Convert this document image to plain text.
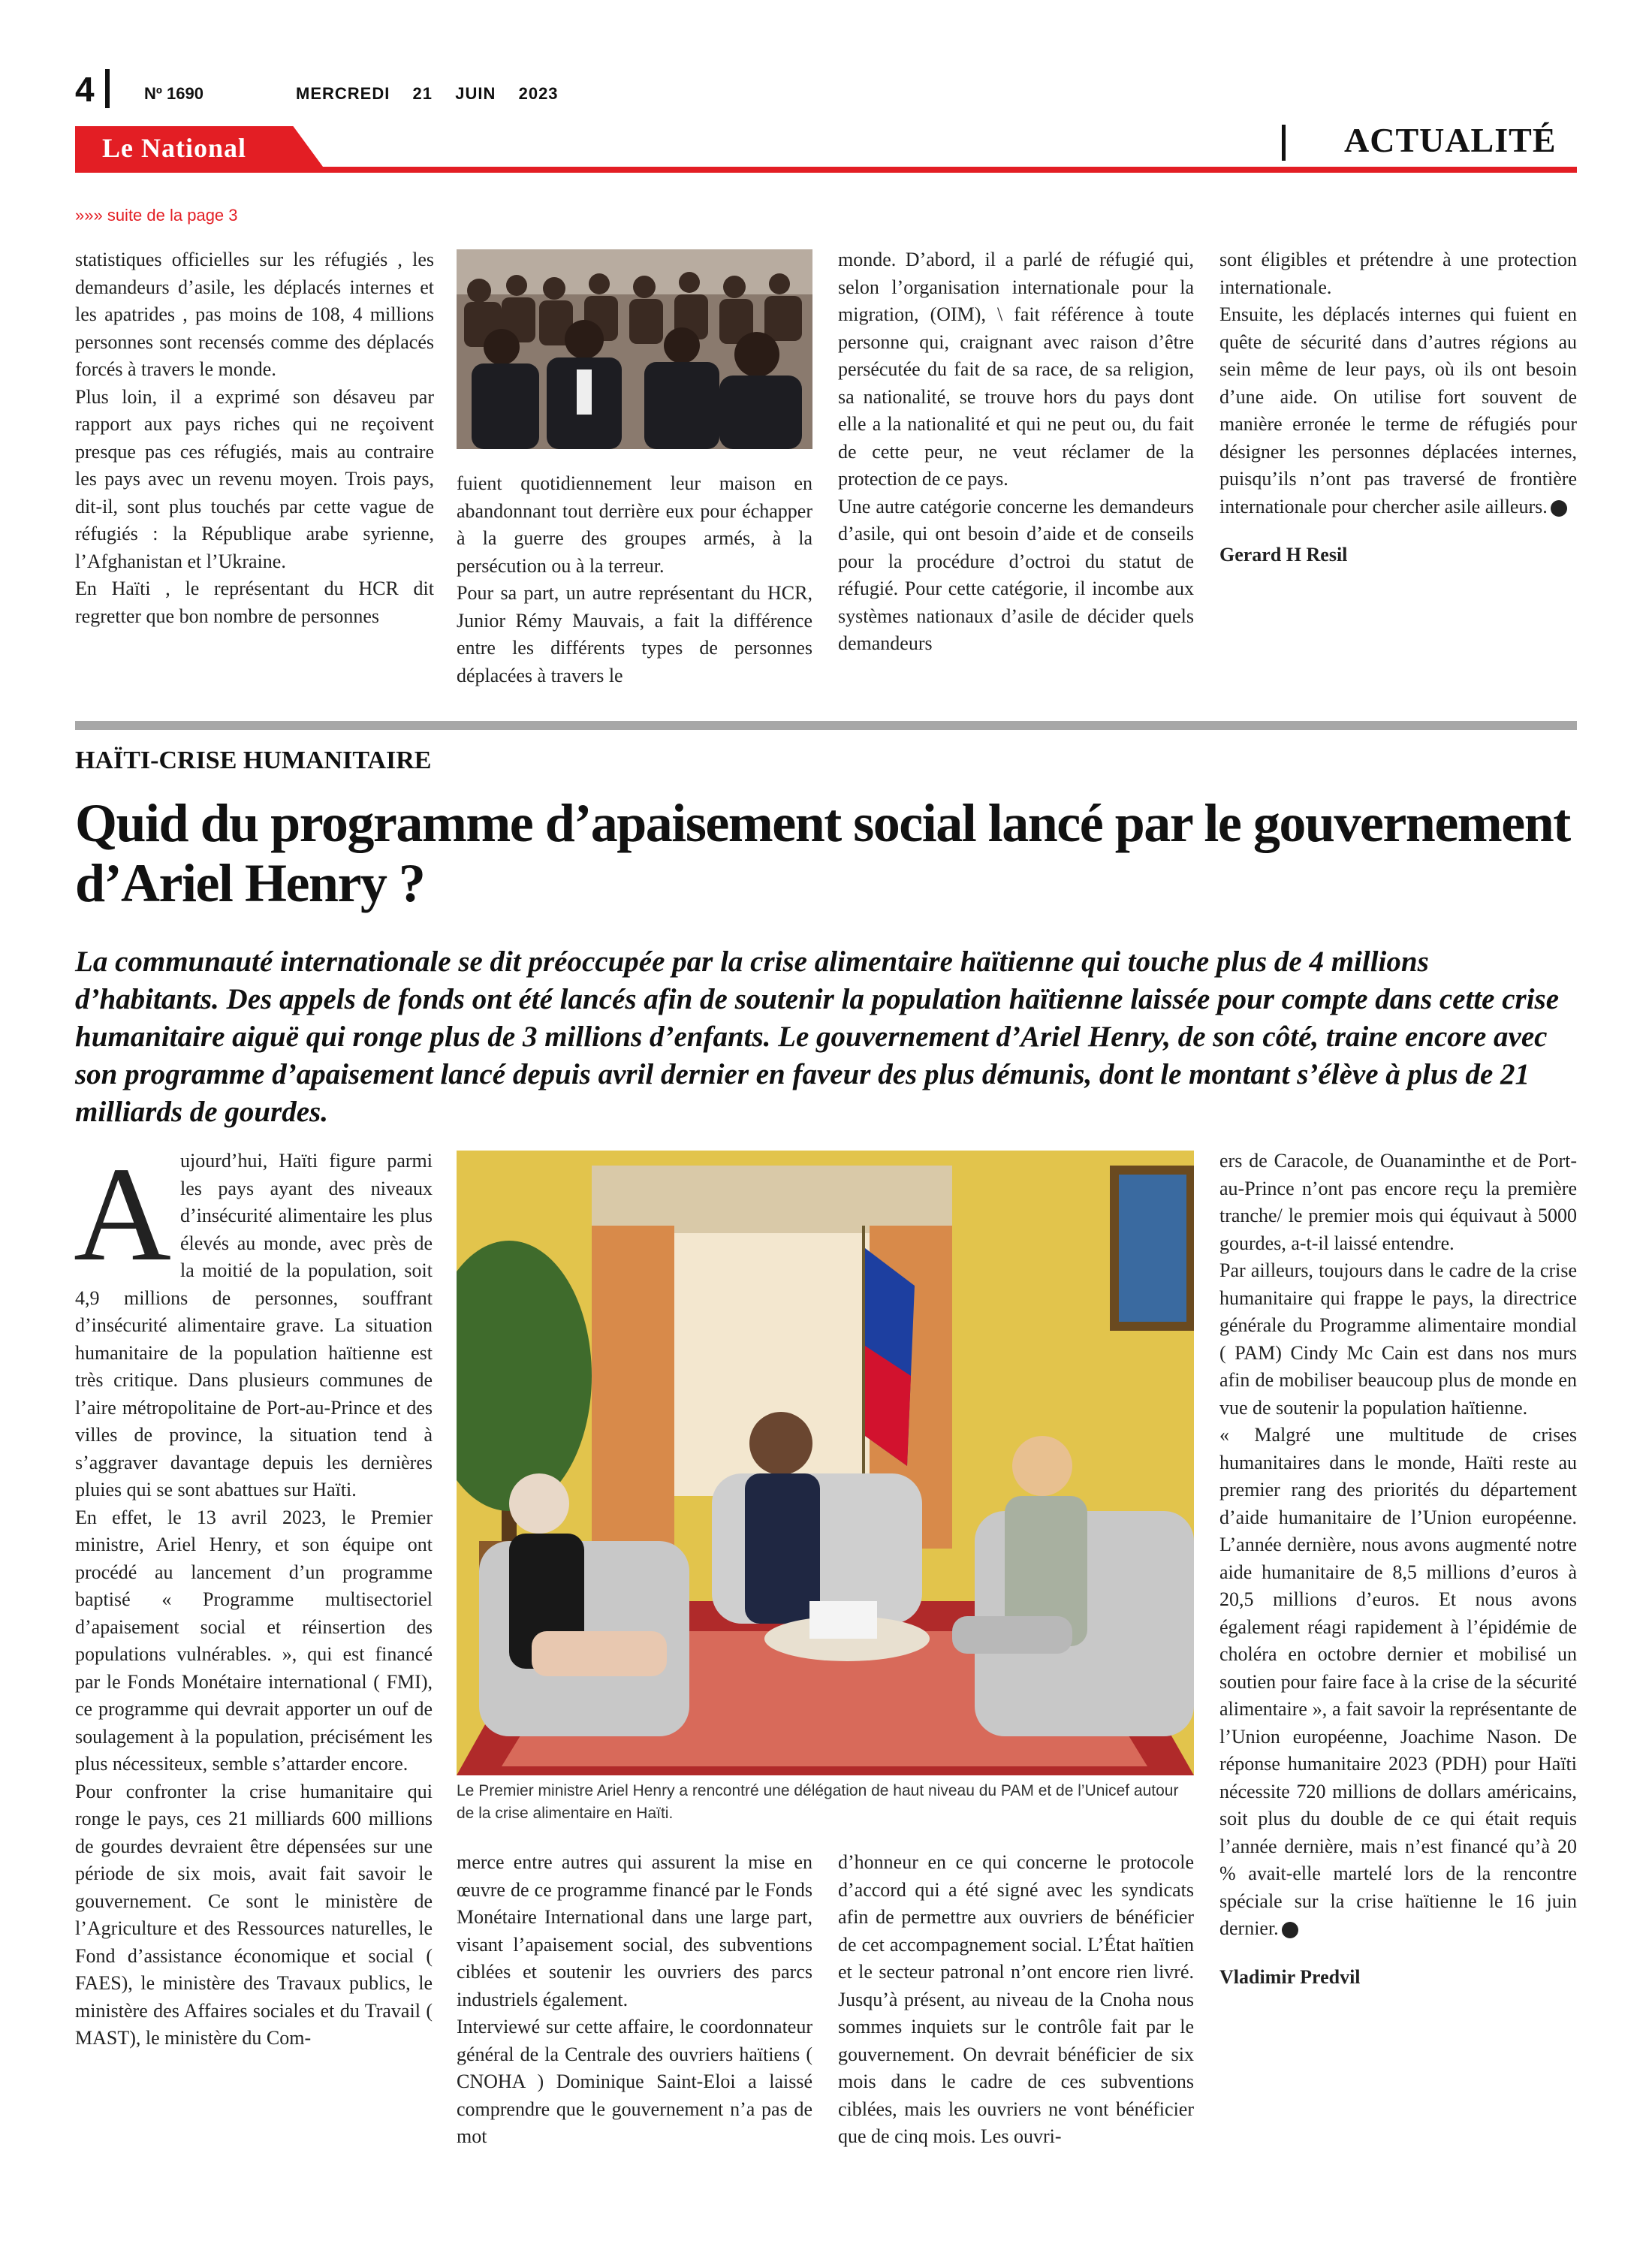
4	Nº 1690	MERCREDI  21  JUIN  2023
Le National	ACTUALITÉ
»»» suite de la page 3

statistiques officielles sur les réfugiés , les demandeurs d’asile, les déplacés internes et les apatrides , pas moins de 108, 4 millions personnes sont recensés comme des déplacés forcés à travers le monde.

Plus loin, il a exprimé son désaveu par rapport aux pays riches qui ne reçoivent presque pas ces réfugiés, mais au contraire les pays avec un revenu moyen. Trois pays, dit-il, sont plus touchés par cette vague de réfugiés : la République arabe syrienne, l’Afghanistan et l’Ukraine.

En Haïti , le représentant du HCR dit regretter que bon nombre de personnes

fuient quotidiennement leur maison en abandonnant tout derrière eux pour échapper à la guerre des groupes armés, à la persécution ou à la terreur.

Pour sa part, un autre représentant du HCR, Junior Rémy Mauvais, a fait la différence entre les différents types de personnes déplacées à travers le

monde. D’abord, il a parlé de réfugié qui, selon l’organisation internationale pour la migration, (OIM), \ fait référence à toute personne qui, craignant avec raison d’être persécutée du fait de sa race, de sa religion, sa nationalité, se trouve hors du pays dont elle a la nationalité et qui ne peut ou, du fait de cette peur, ne veut réclamer de la protection de ce pays.

Une autre catégorie concerne les demandeurs d’asile, qui ont besoin d’aide et de conseils pour la procédure d’octroi du statut de réfugié. Pour cette catégorie, il incombe aux systèmes nationaux d’asile de décider quels demandeurs

sont éligibles et prétendre à une protection internationale.

Ensuite, les déplacés internes qui fuient en quête de sécurité dans d’autres régions au sein même de leur pays, où ils ont besoin d’une aide. On utilise fort souvent de manière erronée le terme de réfugiés pour désigner les personnes déplacées internes, puisqu’ils n’ont pas traversé de frontière internationale pour chercher asile ailleurs.

Gerard H Resil

HAÏTI-CRISE HUMANITAIRE
Quid du programme d’apaisement social lancé par le gouvernement d’Ariel Henry ?

La communauté internationale se dit préoccupée par la crise alimentaire haïtienne qui touche plus de 4 millions d’habitants. Des appels de fonds ont été lancés afin de soutenir la population haïtienne laissée pour compte dans cette crise humanitaire aiguë qui ronge plus de 3 millions d’enfants. Le gouvernement d’Ariel Henry, de son côté, traine encore avec son programme d’apaisement lancé depuis avril dernier en faveur des plus démunis, dont le montant s’élève à plus de 21 milliards de gourdes.

Aujourd’hui, Haïti figure parmi les pays ayant des niveaux d’insécurité alimentaire les plus élevés au monde, avec près de la moitié de la population, soit 4,9 millions de personnes, souffrant d’insécurité alimentaire grave. La situation humanitaire de la population haïtienne est très critique. Dans plusieurs communes de l’aire métropolitaine de Port-au-Prince et des villes de province, la situation tend à s’aggraver davantage depuis les dernières pluies qui se sont abattues sur Haïti.

En effet, le 13 avril 2023, le Premier ministre, Ariel Henry, et son équipe ont procédé au lancement d’un programme baptisé « Programme multisectoriel d’apaisement social et réinsertion des populations vulnérables. », qui est financé par le Fonds Monétaire international ( FMI), ce programme qui devrait apporter un ouf de soulagement à la population, précisément les plus nécessiteux, semble s’attarder encore.

Pour confronter la crise humanitaire qui ronge le pays, ces 21 milliards 600 millions de gourdes devraient être dépensées sur une période de six mois, avait fait savoir le gouvernement. Ce sont le ministère de l’Agriculture et des Ressources naturelles, le Fond d’assistance économique et social ( FAES), le ministère des Travaux publics, le ministère des Affaires sociales et du Travail ( MAST), le ministère du Com-

Le Premier ministre Ariel Henry a rencontré une délégation de haut niveau du PAM et de l’Unicef autour de la crise alimentaire en Haïti.

merce entre autres qui assurent la mise en œuvre de ce programme financé par le Fonds Monétaire International dans une large part, visant l’apaisement social, des subventions ciblées et soutenir les ouvriers des parcs industriels également.

Interviewé sur cette affaire, le coordonnateur général de la Centrale des ouvriers haïtiens ( CNOHA ) Dominique Saint-Eloi a laissé comprendre que le gouvernement n’a pas de mot

d’honneur en ce qui concerne le protocole d’accord qui a été signé avec les syndicats afin de permettre aux ouvriers de bénéficier de cet accompagnement social. L’État haïtien et le secteur patronal n’ont encore rien livré. Jusqu’à présent, au niveau de la Cnoha nous sommes inquiets sur le contrôle fait par le gouvernement. On devrait bénéficier de six mois dans le cadre de ces subventions ciblées, mais les ouvriers ne vont bénéficier que de cinq mois. Les ouvri-

ers de Caracole, de Ouanaminthe et de Port-au-Prince n’ont pas encore reçu la première tranche/ le premier mois qui équivaut à 5000 gourdes, a-t-il laissé entendre.

Par ailleurs, toujours dans le cadre de la crise humanitaire qui frappe le pays, la directrice générale du Programme alimentaire mondial ( PAM) Cindy Mc Cain est dans nos murs afin de mobiliser beaucoup plus de monde en vue de soutenir la population haïtienne.

« Malgré une multitude de crises humanitaires dans le monde, Haïti reste au premier rang des priorités du département d’aide humanitaire de l’Union européenne. L’année dernière, nous avons augmenté notre aide humanitaire de 8,5 millions d’euros à 20,5 millions d’euros. Et nous avons également réagi rapidement à l’épidémie de choléra en octobre dernier et mobilisé un soutien pour faire face à la crise de la sécurité alimentaire », a fait savoir la représentante de l’Union européenne, Joachime Nason. De réponse humanitaire 2023 (PDH) pour Haïti nécessite 720 millions de dollars américains, soit plus du double de ce qui était requis l’année dernière, mais n’est financé qu’à 20 % avait-elle martelé lors de la rencontre spéciale sur la crise haïtienne le 16 juin dernier.

Vladimir Predvil
